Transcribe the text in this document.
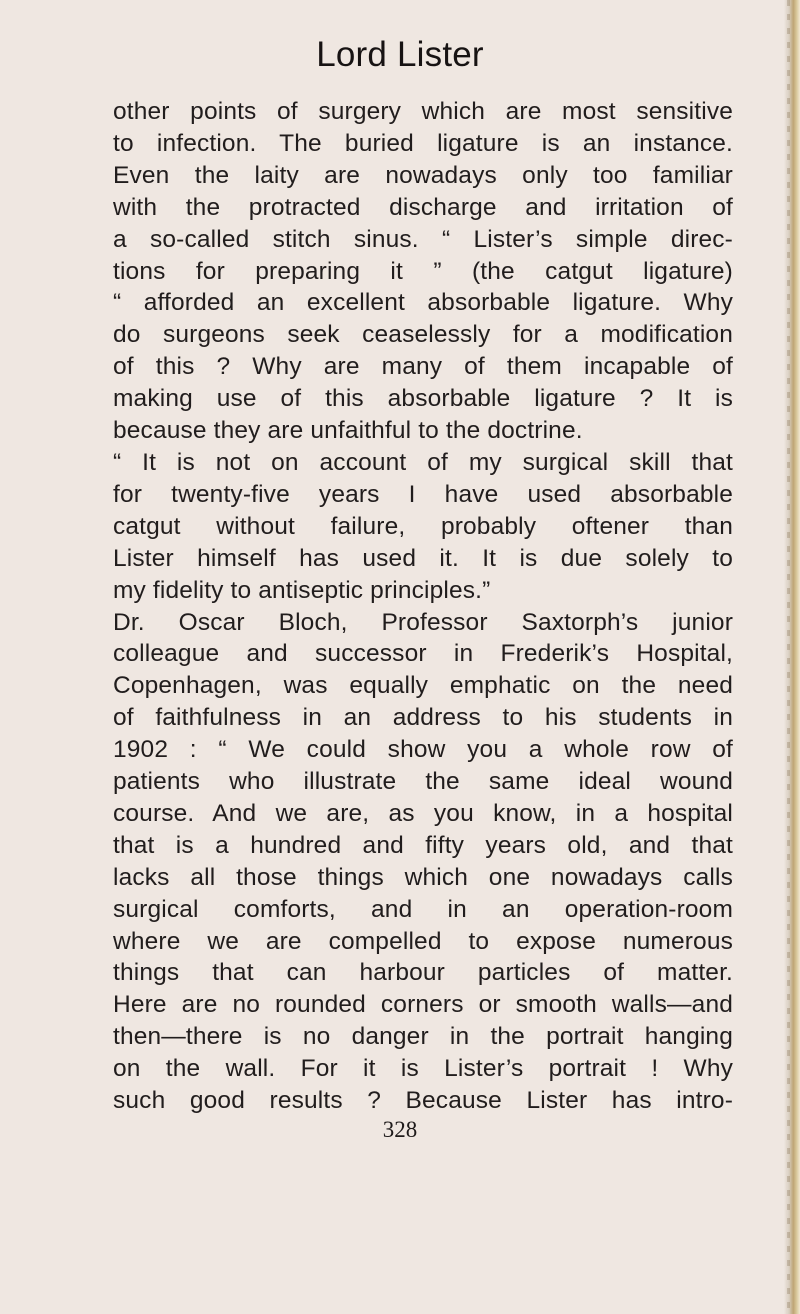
Lord Lister
other points of surgery which are most sensitive
to infection. The buried ligature is an instance.
Even the laity are nowadays only too familiar
with the protracted discharge and irritation of
a so-called stitch sinus. “ Lister’s simple direc-
tions for preparing it ” (the catgut ligature)
“ afforded an excellent absorbable ligature. Why
do surgeons seek ceaselessly for a modification
of this ? Why are many of them incapable of
making use of this absorbable ligature ? It is
because they are unfaithful to the doctrine.
“ It is not on account of my surgical skill that
for twenty-five years I have used absorbable
catgut without failure, probably oftener than
Lister himself has used it. It is due solely to
my fidelity to antiseptic principles.”
Dr. Oscar Bloch, Professor Saxtorph’s junior
colleague and successor in Frederik’s Hospital,
Copenhagen, was equally emphatic on the need
of faithfulness in an address to his students in
1902 : “ We could show you a whole row of
patients who illustrate the same ideal wound
course. And we are, as you know, in a hospital
that is a hundred and fifty years old, and that
lacks all those things which one nowadays calls
surgical comforts, and in an operation-room
where we are compelled to expose numerous
things that can harbour particles of matter.
Here are no rounded corners or smooth walls—and
then—there is no danger in the portrait hanging
on the wall. For it is Lister’s portrait ! Why
such good results ? Because Lister has intro-
328
